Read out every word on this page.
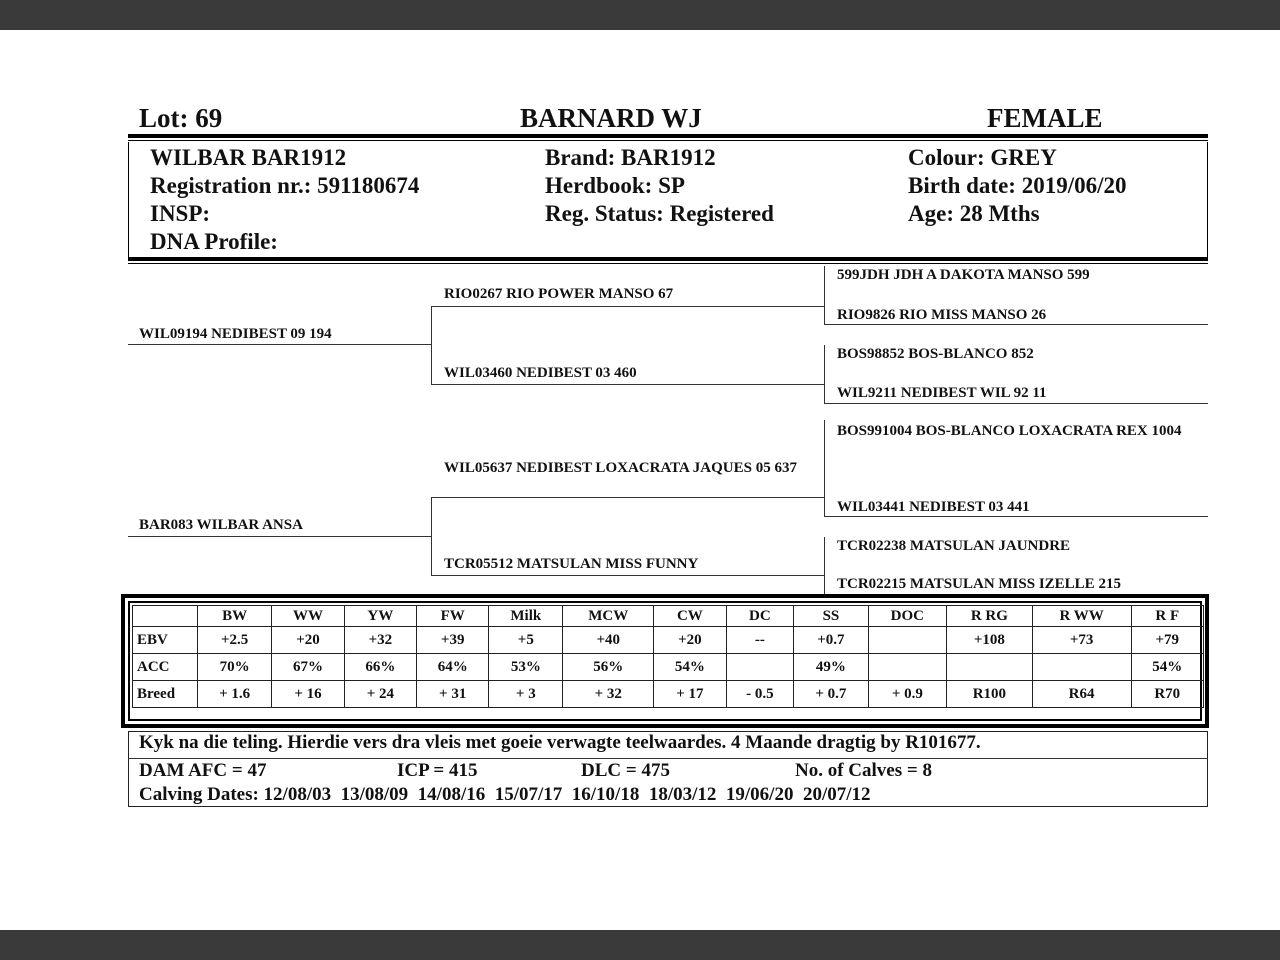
Lot: 69	BARNARD WJ	FEMALE
WILBAR BAR1912
Registration nr.: 591180674
INSP:
DNA Profile:
Brand: BAR1912
Herdbook: SP
Reg. Status: Registered
Colour: GREY
Birth date: 2019/06/20
Age: 28 Mths
WIL09194 NEDIBEST 09 194
BAR083 WILBAR ANSA
RIO0267 RIO POWER MANSO 67
WIL03460 NEDIBEST 03 460
WIL05637 NEDIBEST LOXACRATA JAQUES 05 637
TCR05512 MATSULAN MISS FUNNY
599JDH JDH A DAKOTA MANSO 599
RIO9826 RIO MISS MANSO 26
BOS98852 BOS-BLANCO 852
WIL9211 NEDIBEST WIL 92 11
BOS991004 BOS-BLANCO LOXACRATA REX 1004
WIL03441 NEDIBEST 03 441
TCR02238 MATSULAN JAUNDRE
TCR02215 MATSULAN MISS IZELLE 215
	BW	WW	YW	FW	Milk	MCW	CW	DC	SS	DOC	R RG	R WW	R F
EBV	+2.5	+20	+32	+39	+5	+40	+20	--	+0.7		+108	+73	+79
ACC	70%	67%	66%	64%	53%	56%	54%		49%				54%
Breed	+ 1.6	+ 16	+ 24	+ 31	+ 3	+ 32	+ 17	- 0.5	+ 0.7	+ 0.9	R100	R64	R70
Kyk na die teling. Hierdie vers dra vleis met goeie verwagte teelwaardes. 4 Maande dragtig by R101677.
DAM AFC = 47	ICP = 415	DLC = 475	No. of Calves = 8
Calving Dates: 12/08/03  13/08/09  14/08/16  15/07/17  16/10/18  18/03/12  19/06/20  20/07/12
